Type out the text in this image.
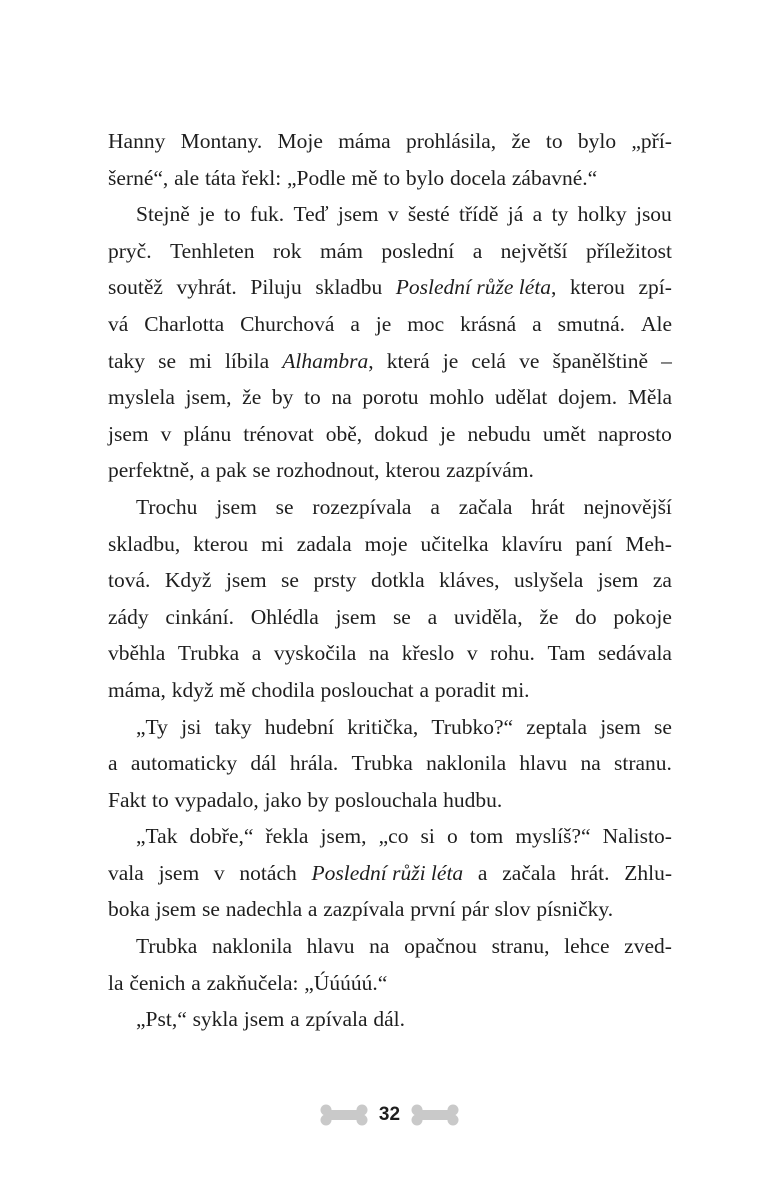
Hanny Montany. Moje máma prohlásila, že to bylo „pří-
šerné“, ale táta řekl: „Podle mě to bylo docela zábavné.“
Stejně je to fuk. Teď jsem v šesté třídě já a ty holky jsou
pryč. Tenhleten rok mám poslední a největší příležitost
soutěž vyhrát. Piluju skladbu Poslední růže léta, kterou zpí-
vá Charlotta Churchová a je moc krásná a smutná. Ale
taky se mi líbila Alhambra, která je celá ve španělštině –
myslela jsem, že by to na porotu mohlo udělat dojem. Měla
jsem v plánu trénovat obě, dokud je nebudu umět naprosto
perfektně, a pak se rozhodnout, kterou zazpívám.
Trochu jsem se rozezpívala a začala hrát nejnovější
skladbu, kterou mi zadala moje učitelka klavíru paní Meh-
tová. Když jsem se prsty dotkla kláves, uslyšela jsem za
zády cinkání. Ohlédla jsem se a uviděla, že do pokoje
vběhla Trubka a vyskočila na křeslo v rohu. Tam sedávala
máma, když mě chodila poslouchat a poradit mi.
„Ty jsi taky hudební kritička, Trubko?“ zeptala jsem se
a automaticky dál hrála. Trubka naklonila hlavu na stranu.
Fakt to vypadalo, jako by poslouchala hudbu.
„Tak dobře,“ řekla jsem, „co si o tom myslíš?“ Nalisto-
vala jsem v notách Poslední růži léta a začala hrát. Zhlu-
boka jsem se nadechla a zazpívala první pár slov písničky.
Trubka naklonila hlavu na opačnou stranu, lehce zved-
la čenich a zakňučela: „Úúúúú.“
„Pst,“ sykla jsem a zpívala dál.
32
